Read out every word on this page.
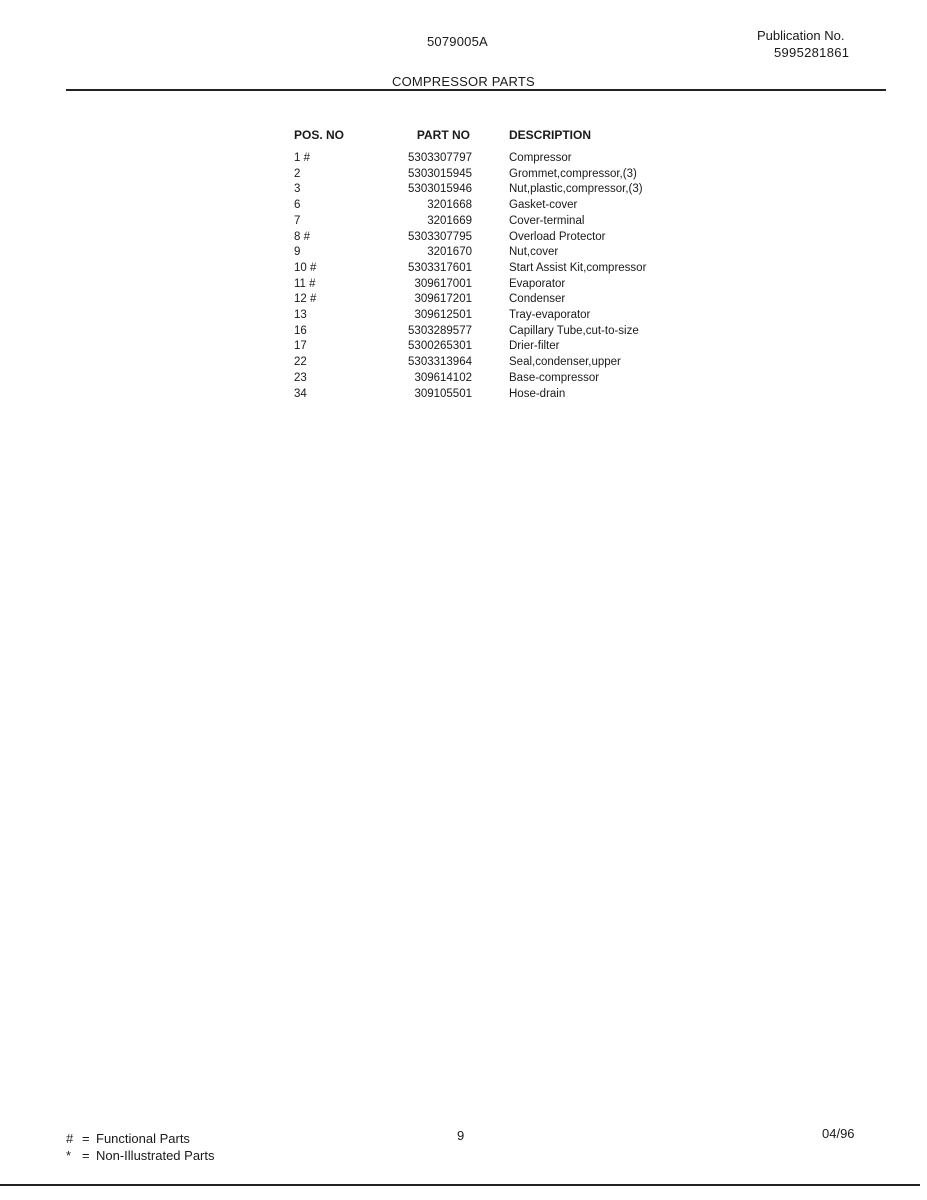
5079005A	Publication No.
5995281861
COMPRESSOR PARTS
POS. NO	PART NO	DESCRIPTION
1 #	5303307797	Compressor
2	5303015945	Grommet,compressor,(3)
3	5303015946	Nut,plastic,compressor,(3)
6	3201668	Gasket-cover
7	3201669	Cover-terminal
8 #	5303307795	Overload Protector
9	3201670	Nut,cover
10 #	5303317601	Start Assist Kit,compressor
11 #	309617001	Evaporator
12 #	309617201	Condenser
13	309612501	Tray-evaporator
16	5303289577	Capillary Tube,cut-to-size
17	5300265301	Drier-filter
22	5303313964	Seal,condenser,upper
23	309614102	Base-compressor
34	309105501	Hose-drain
# = Functional Parts
* = Non-Illustrated Parts
9	04/96
